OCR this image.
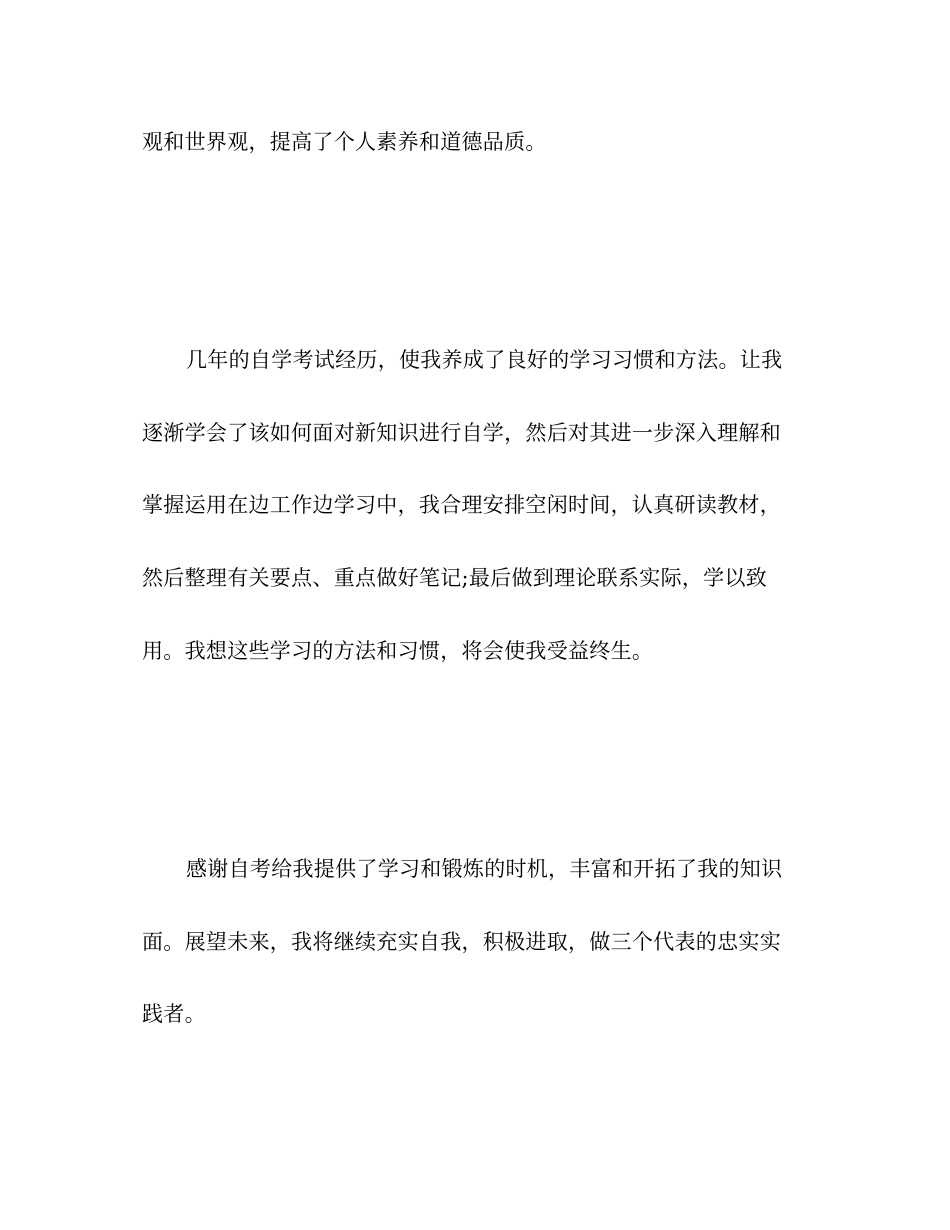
观和世界观，提高了个人素养和道德品质。
几年的自学考试经历，使我养成了良好的学习习惯和方法。让我
逐渐学会了该如何面对新知识进行自学，然后对其进一步深入理解和
掌握运用在边工作边学习中，我合理安排空闲时间，认真研读教材，
然后整理有关要点、重点做好笔记;最后做到理论联系实际，学以致
用。我想这些学习的方法和习惯，将会使我受益终生。
感谢自考给我提供了学习和锻炼的时机，丰富和开拓了我的知识
面。展望未来，我将继续充实自我，积极进取，做三个代表的忠实实
践者。
